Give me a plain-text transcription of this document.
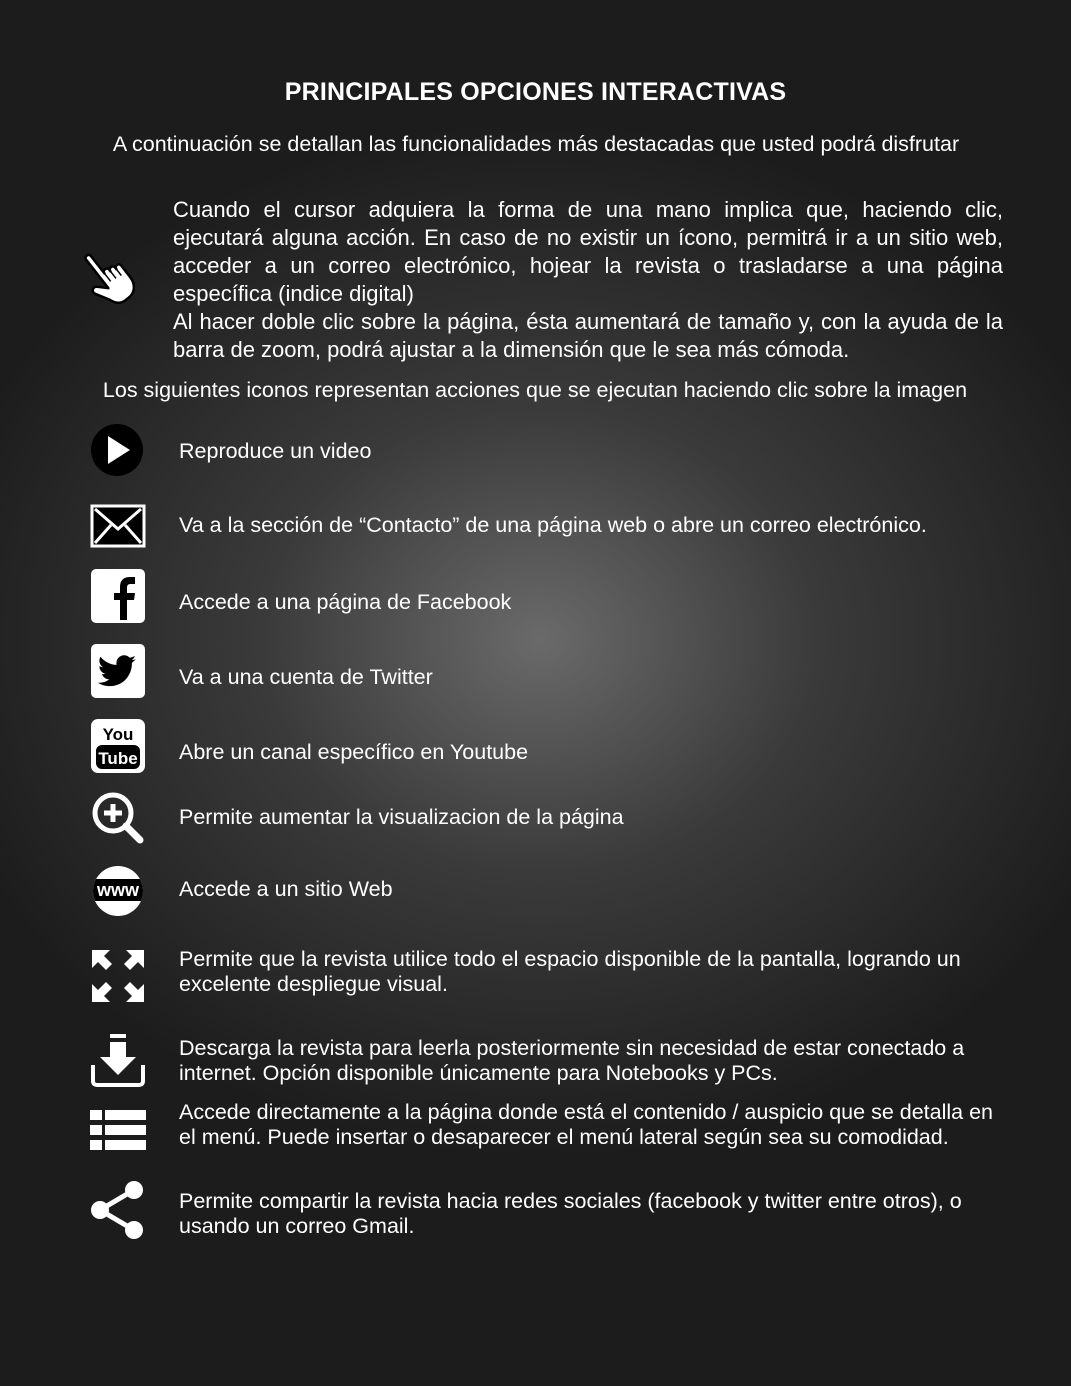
PRINCIPALES OPCIONES INTERACTIVAS
A continuación se detallan las funcionalidades más destacadas que usted podrá disfrutar

Cuando el cursor adquiera la forma de una mano implica que, haciendo clic, ejecutará alguna acción. En caso de no existir un ícono, permitrá ir a un sitio web, acceder a un correo electrónico, hojear la revista o trasladarse a una página específica (indice digital)

Al hacer doble clic sobre la página, ésta aumentará de tamaño y, con la ayuda de la barra de zoom, podrá ajustar a la dimensión que le sea más cómoda.

Los siguientes iconos representan acciones que se ejecutan haciendo clic sobre la imagen
Reproduce un video
Va a la sección de “Contacto” de una página web o abre un correo electrónico.
Accede a una página de Facebook
Va a una cuenta de Twitter
You
Tube Abre un canal específico en Youtube
Permite aumentar la visualizacion de la página
www Accede a un sitio Web
Permite que la revista utilice todo el espacio disponible de la pantalla, logrando un excelente despliegue visual.
Descarga la revista para leerla posteriormente sin necesidad de estar conectado a internet. Opción disponible únicamente para Notebooks y PCs.
Accede directamente a la página donde está el contenido / auspicio que se detalla en el menú. Puede insertar o desaparecer el menú lateral según sea su comodidad.
Permite compartir la revista hacia redes sociales (facebook y twitter entre otros), o usando un correo Gmail.
